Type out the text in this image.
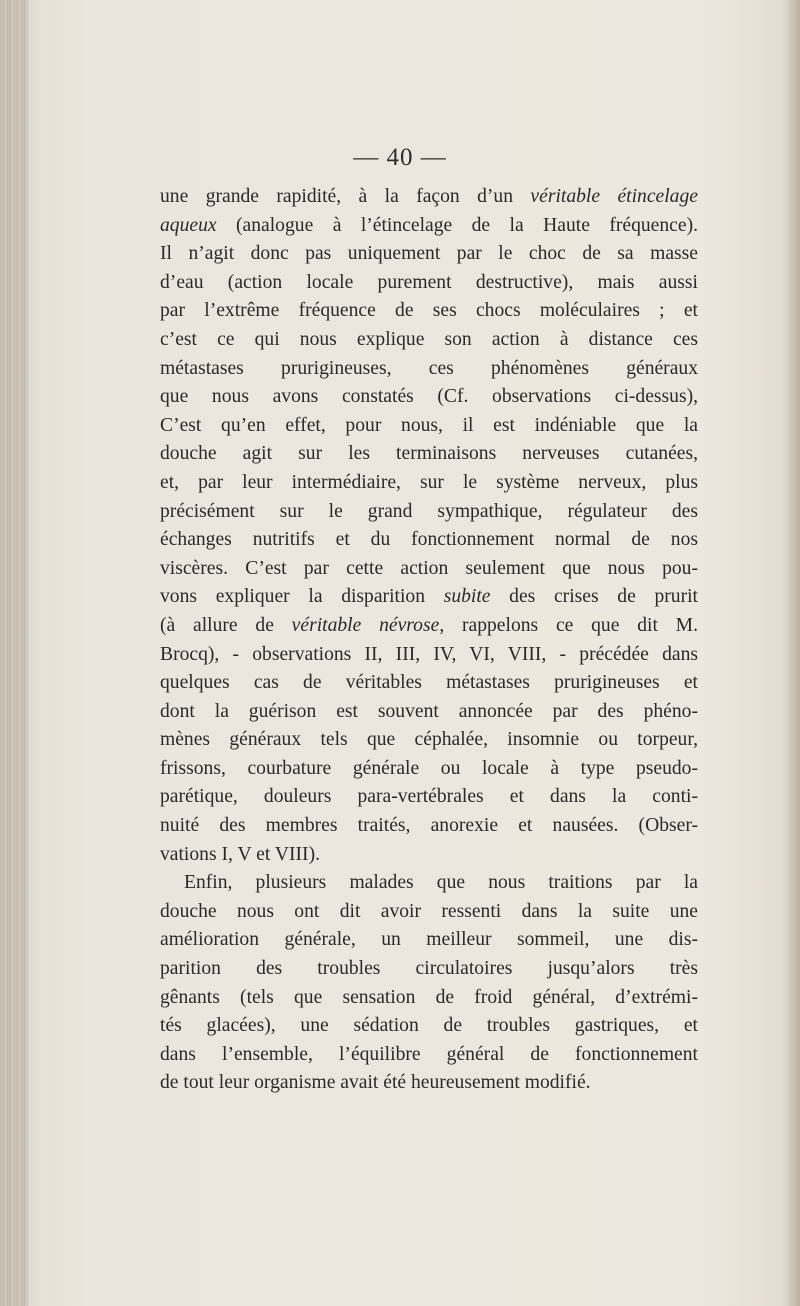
— 40 —

une grande rapidité, à la façon d’un véritable étincelage

aqueux (analogue à l’étincelage de la Haute fréquence).

Il n’agit donc pas uniquement par le choc de sa masse

d’eau (action locale purement destructive), mais aussi

par l’extrême fréquence de ses chocs moléculaires ; et

c’est ce qui nous explique son action à distance ces

métastases prurigineuses, ces phénomènes généraux

que nous avons constatés (Cf. observations ci-dessus),

C’est qu’en effet, pour nous, il est indéniable que la

douche agit sur les terminaisons nerveuses cutanées,

et, par leur intermédiaire, sur le système nerveux, plus

précisément sur le grand sympathique, régulateur des

échanges nutritifs et du fonctionnement normal de nos

viscères. C’est par cette action seulement que nous pou-

vons expliquer la disparition subite des crises de prurit

(à allure de véritable névrose, rappelons ce que dit M.

Brocq), - observations II, III, IV, VI, VIII, - précédée dans

quelques cas de véritables métastases prurigineuses et

dont la guérison est souvent annoncée par des phéno-

mènes généraux tels que céphalée, insomnie ou torpeur,

frissons, courbature générale ou locale à type pseudo-

parétique, douleurs para-vertébrales et dans la conti-

nuité des membres traités, anorexie et nausées. (Obser-

vations I, V et VIII).

Enfin, plusieurs malades que nous traitions par la

douche nous ont dit avoir ressenti dans la suite une

amélioration générale, un meilleur sommeil, une dis-

parition des troubles circulatoires jusqu’alors très

gênants (tels que sensation de froid général, d’extrémi-

tés glacées), une sédation de troubles gastriques, et

dans l’ensemble, l’équilibre général de fonctionnement

de tout leur organisme avait été heureusement modifié.
